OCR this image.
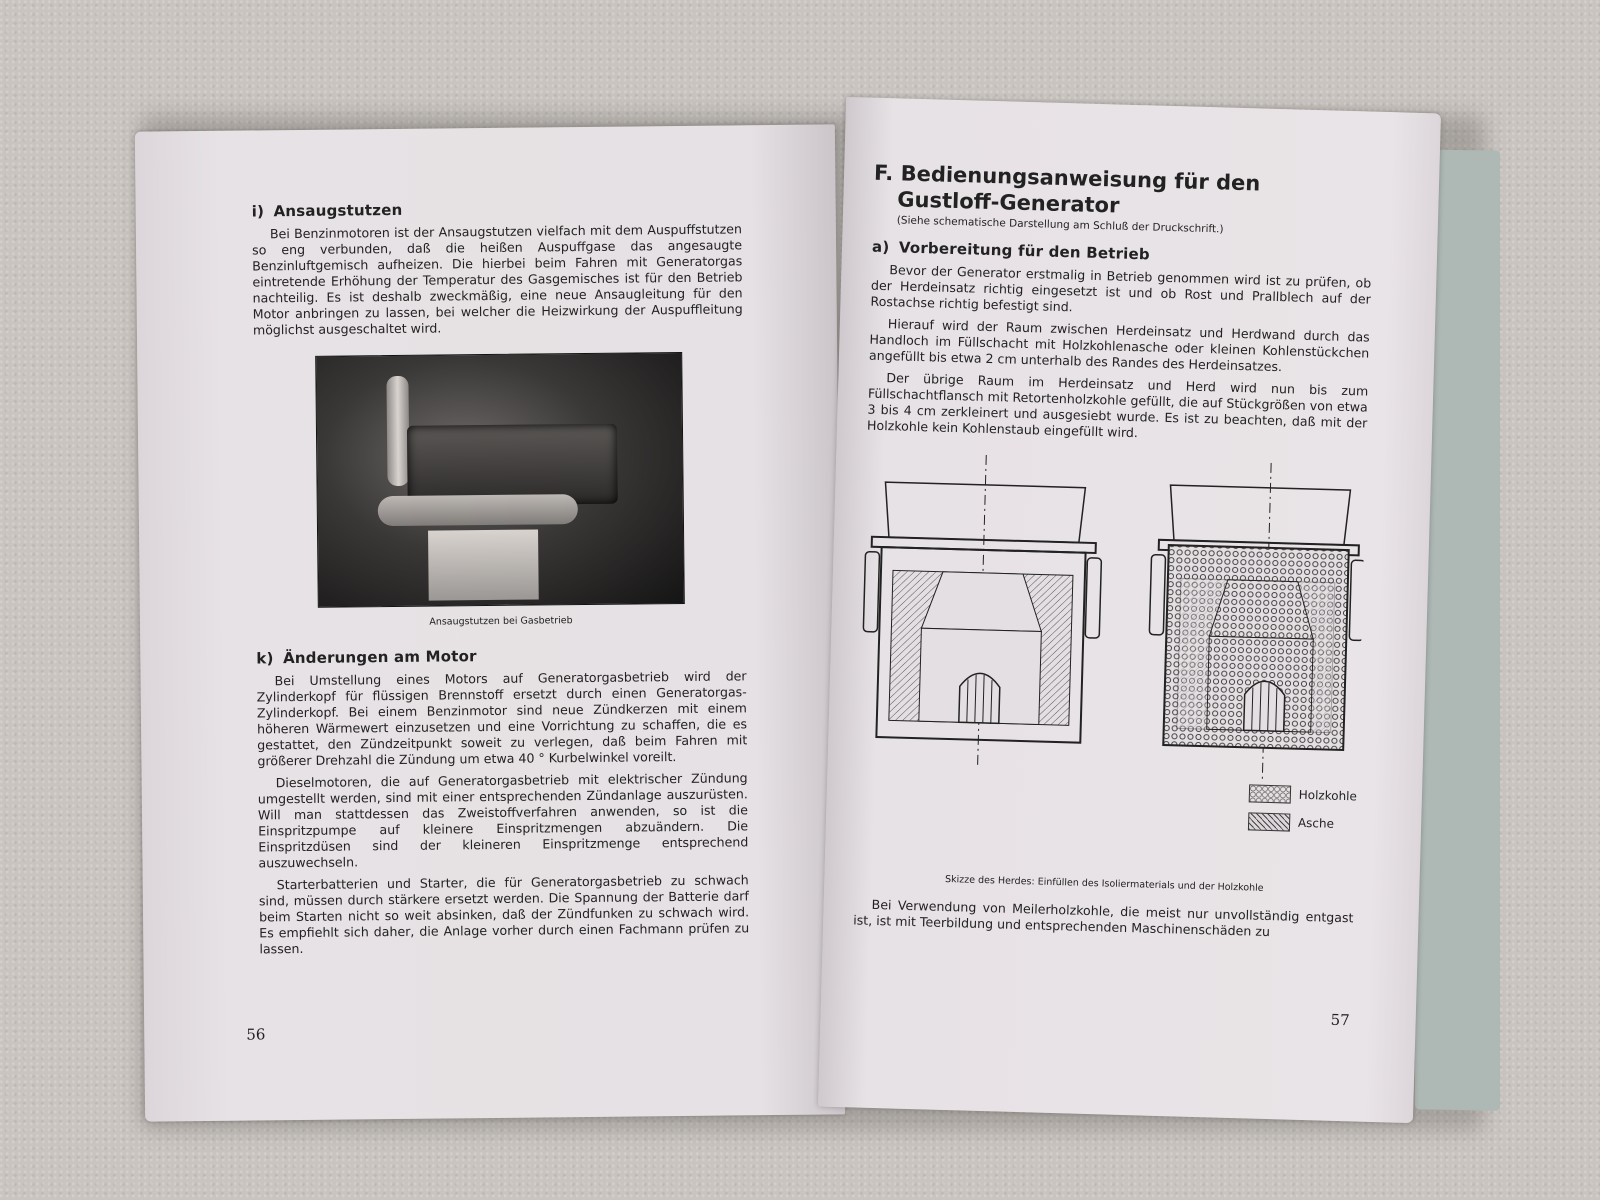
i) Ansaugstutzen

Bei Benzinmotoren ist der Ansaugstutzen vielfach mit dem Auspuffstutzen so eng verbunden, daß die heißen Auspuffgase das angesaugte Benzinluftgemisch aufheizen. Die hierbei beim Fahren mit Generatorgas eintretende Erhöhung der Temperatur des Gasgemisches ist für den Betrieb nachteilig. Es ist deshalb zweckmäßig, eine neue Ansaugleitung für den Motor anbringen zu lassen, bei welcher die Heizwirkung der Auspuffleitung möglichst ausgeschaltet wird.

Ansaugstutzen bei Gasbetrieb
k) Änderungen am Motor

Bei Umstellung eines Motors auf Generatorgasbetrieb wird der Zylinderkopf für flüssigen Brennstoff ersetzt durch einen Generatorgas-Zylinderkopf. Bei einem Benzinmotor sind neue Zündkerzen mit einem höheren Wärmewert einzusetzen und eine Vorrichtung zu schaffen, die es gestattet, den Zündzeitpunkt soweit zu verlegen, daß beim Fahren mit größerer Drehzahl die Zündung um etwa 40 ° Kurbelwinkel voreilt.

Dieselmotoren, die auf Generatorgasbetrieb mit elektrischer Zündung umgestellt werden, sind mit einer entsprechenden Zündanlage auszurüsten. Will man stattdessen das Zweistoffverfahren anwenden, so ist die Einspritzpumpe auf kleinere Einspritzmengen abzuändern. Die Einspritzdüsen sind der kleineren Einspritzmenge entsprechend auszuwechseln.

Starterbatterien und Starter, die für Generatorgasbetrieb zu schwach sind, müssen durch stärkere ersetzt werden. Die Spannung der Batterie darf beim Starten nicht so weit absinken, daß der Zündfunken zu schwach wird. Es empfiehlt sich daher, die Anlage vorher durch einen Fachmann prüfen zu lassen.

56
F. Bedienungsanweisung für den
Gustloff-Generator
(Siehe schematische Darstellung am Schluß der Druckschrift.)
a) Vorbereitung für den Betrieb

Bevor der Generator erstmalig in Betrieb genommen wird ist zu prüfen, ob der Herdeinsatz richtig eingesetzt ist und ob Rost und Prallblech auf der Rostachse richtig befestigt sind.

Hierauf wird der Raum zwischen Herdeinsatz und Herdwand durch das Handloch im Füllschacht mit Holzkohlenasche oder kleinen Kohlenstückchen angefüllt bis etwa 2 cm unterhalb des Randes des Herdeinsatzes.

Der übrige Raum im Herdeinsatz und Herd wird nun bis zum Füllschachtflansch mit Retortenholzkohle gefüllt, die auf Stückgrößen von etwa 3 bis 4 cm zerkleinert und ausgesiebt wurde. Es ist zu beachten, daß mit der Holzkohle kein Kohlenstaub eingefüllt wird.

Holzkohle
Asche
Skizze des Herdes: Einfüllen des Isoliermaterials und der Holzkohle

Bei Verwendung von Meilerholzkohle, die meist nur unvollständig entgast ist, ist mit Teerbildung und entsprechenden Maschinenschäden zu

57
